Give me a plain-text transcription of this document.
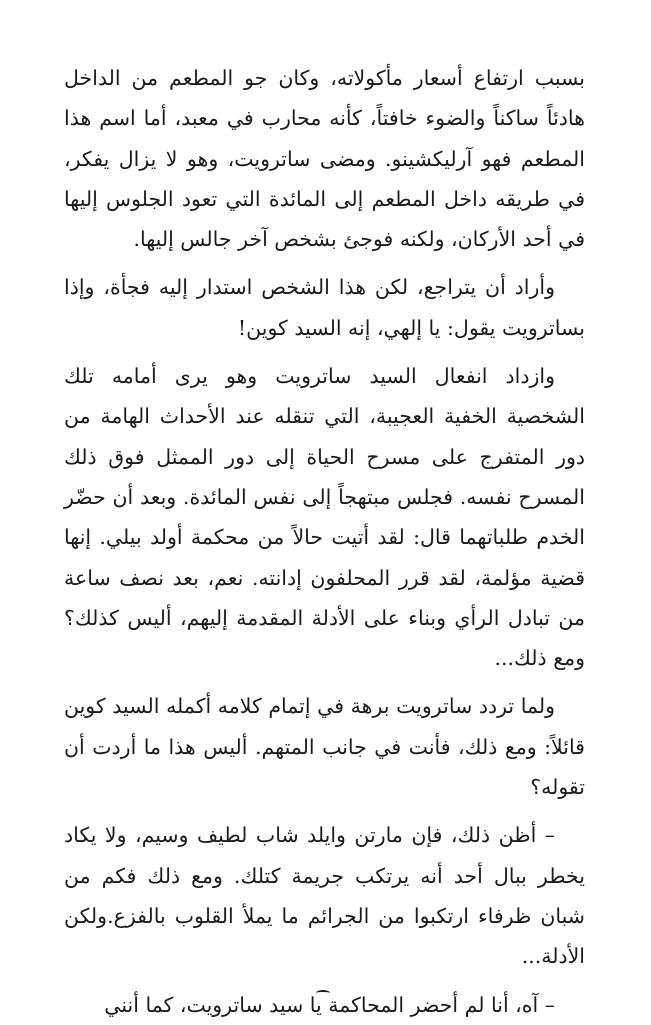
بسبب ارتفاع أسعار مأكولاته، وكان جو المطعم من الداخل هادئاً ساكناً والضوء خافتاً، كأنه محارب في معبد، أما اسم هذا المطعم فهو آرليكشينو. ومضى ساترويت، وهو لا يزال يفكر، في طريقه داخل المطعم إلى المائدة التي تعود الجلوس إليها في أحد الأركان، ولكنه فوجئ بشخص آخر جالس إليها.

وأراد أن يتراجع، لكن هذا الشخص استدار إليه فجأة، وإذا بساترويت يقول: يا إلهي، إنه السيد كوين!

وازداد انفعال السيد ساترويت وهو يرى أمامه تلك الشخصية الخفية العجيبة، التي تنقله عند الأحداث الهامة من دور المتفرج على مسرح الحياة إلى دور الممثل فوق ذلك المسرح نفسه. فجلس مبتهجاً إلى نفس المائدة. وبعد أن حضّر الخدم طلباتهما قال: لقد أتيت حالاً من محكمة أولد بيلي. إنها قضية مؤلمة، لقد قرر المحلفون إدانته. نعم، بعد نصف ساعة من تبادل الرأي وبناء على الأدلة المقدمة إليهم، أليس كذلك؟ ومع ذلك...

ولما تردد ساترويت برهة في إتمام كلامه أكمله السيد كوين قائلاً: ومع ذلك، فأنت في جانب المتهم. أليس هذا ما أردت أن تقوله؟

– أظن ذلك، فإن مارتن وايلد شاب لطيف وسيم، ولا يكاد يخطر ببال أحد أنه يرتكب جريمة كتلك. ومع ذلك فكم من شبان ظرفاء ارتكبوا من الجرائم ما يملأ القلوب بالفزع.ولكن الأدلة...

– آه، أنا لم أحضر المحاكمة يا سيد ساترويت، كما أنني
